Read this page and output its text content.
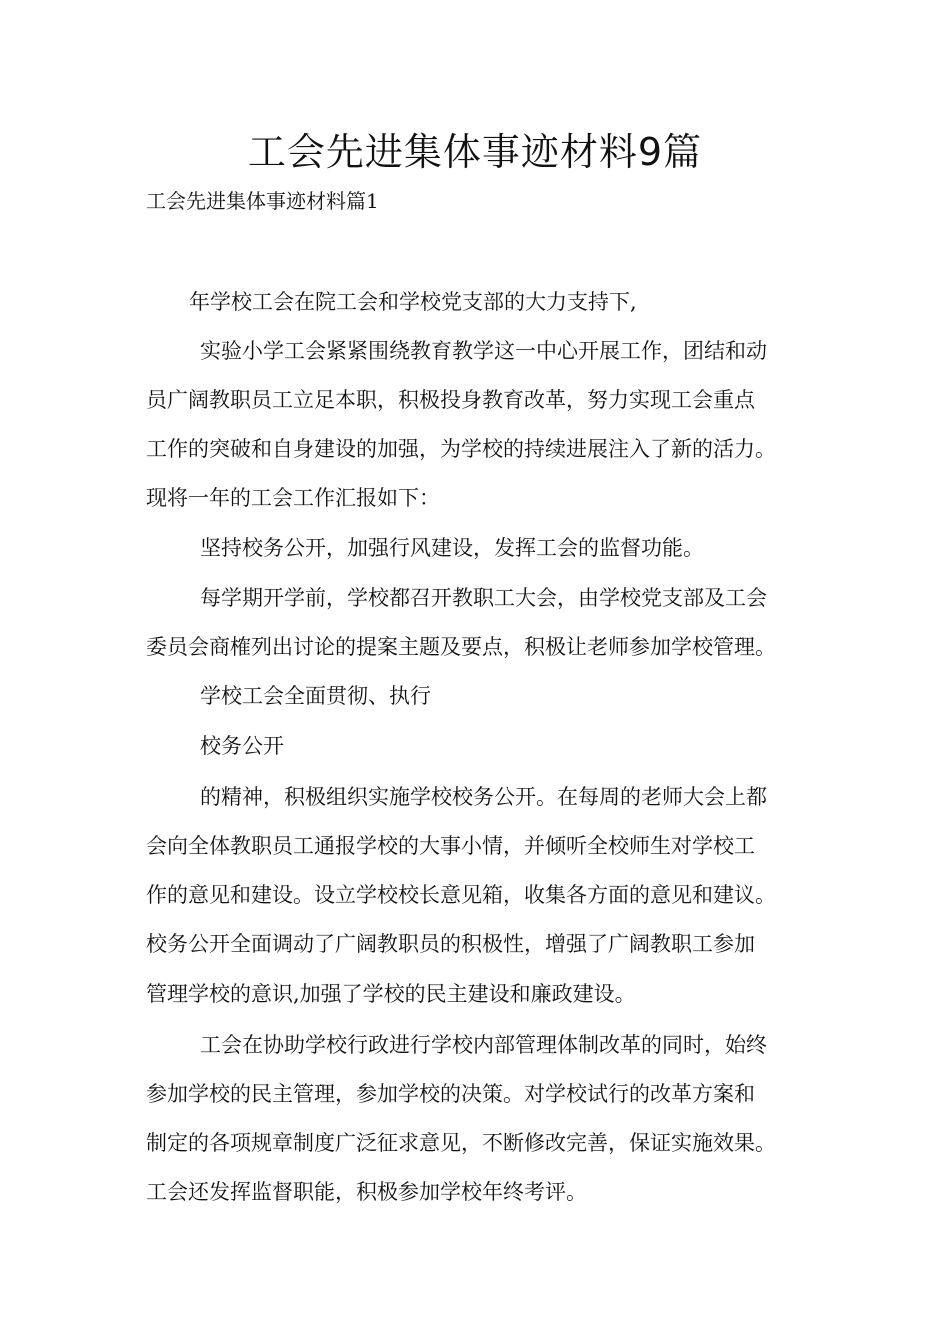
工会先进集体事迹材料9篇

工会先进集体事迹材料篇1

年学校工会在院工会和学校党支部的大力支持下,

实验小学工会紧紧围绕教育教学这一中心开展工作，团结和动

员广阔教职员工立足本职，积极投身教育改革，努力实现工会重点

工作的突破和自身建设的加强，为学校的持续进展注入了新的活力。

现将一年的工会工作汇报如下：

坚持校务公开，加强行风建设，发挥工会的监督功能。

每学期开学前，学校都召开教职工大会，由学校党支部及工会

委员会商榷列出讨论的提案主题及要点，积极让老师参加学校管理。

学校工会全面贯彻、执行

校务公开

的精神，积极组织实施学校校务公开。在每周的老师大会上都

会向全体教职员工通报学校的大事小情，并倾听全校师生对学校工

作的意见和建设。设立学校校长意见箱，收集各方面的意见和建议。

校务公开全面调动了广阔教职员的积极性，增强了广阔教职工参加

管理学校的意识,加强了学校的民主建设和廉政建设。

工会在协助学校行政进行学校内部管理体制改革的同时，始终

参加学校的民主管理，参加学校的决策。对学校试行的改革方案和

制定的各项规章制度广泛征求意见，不断修改完善，保证实施效果。

工会还发挥监督职能，积极参加学校年终考评。
